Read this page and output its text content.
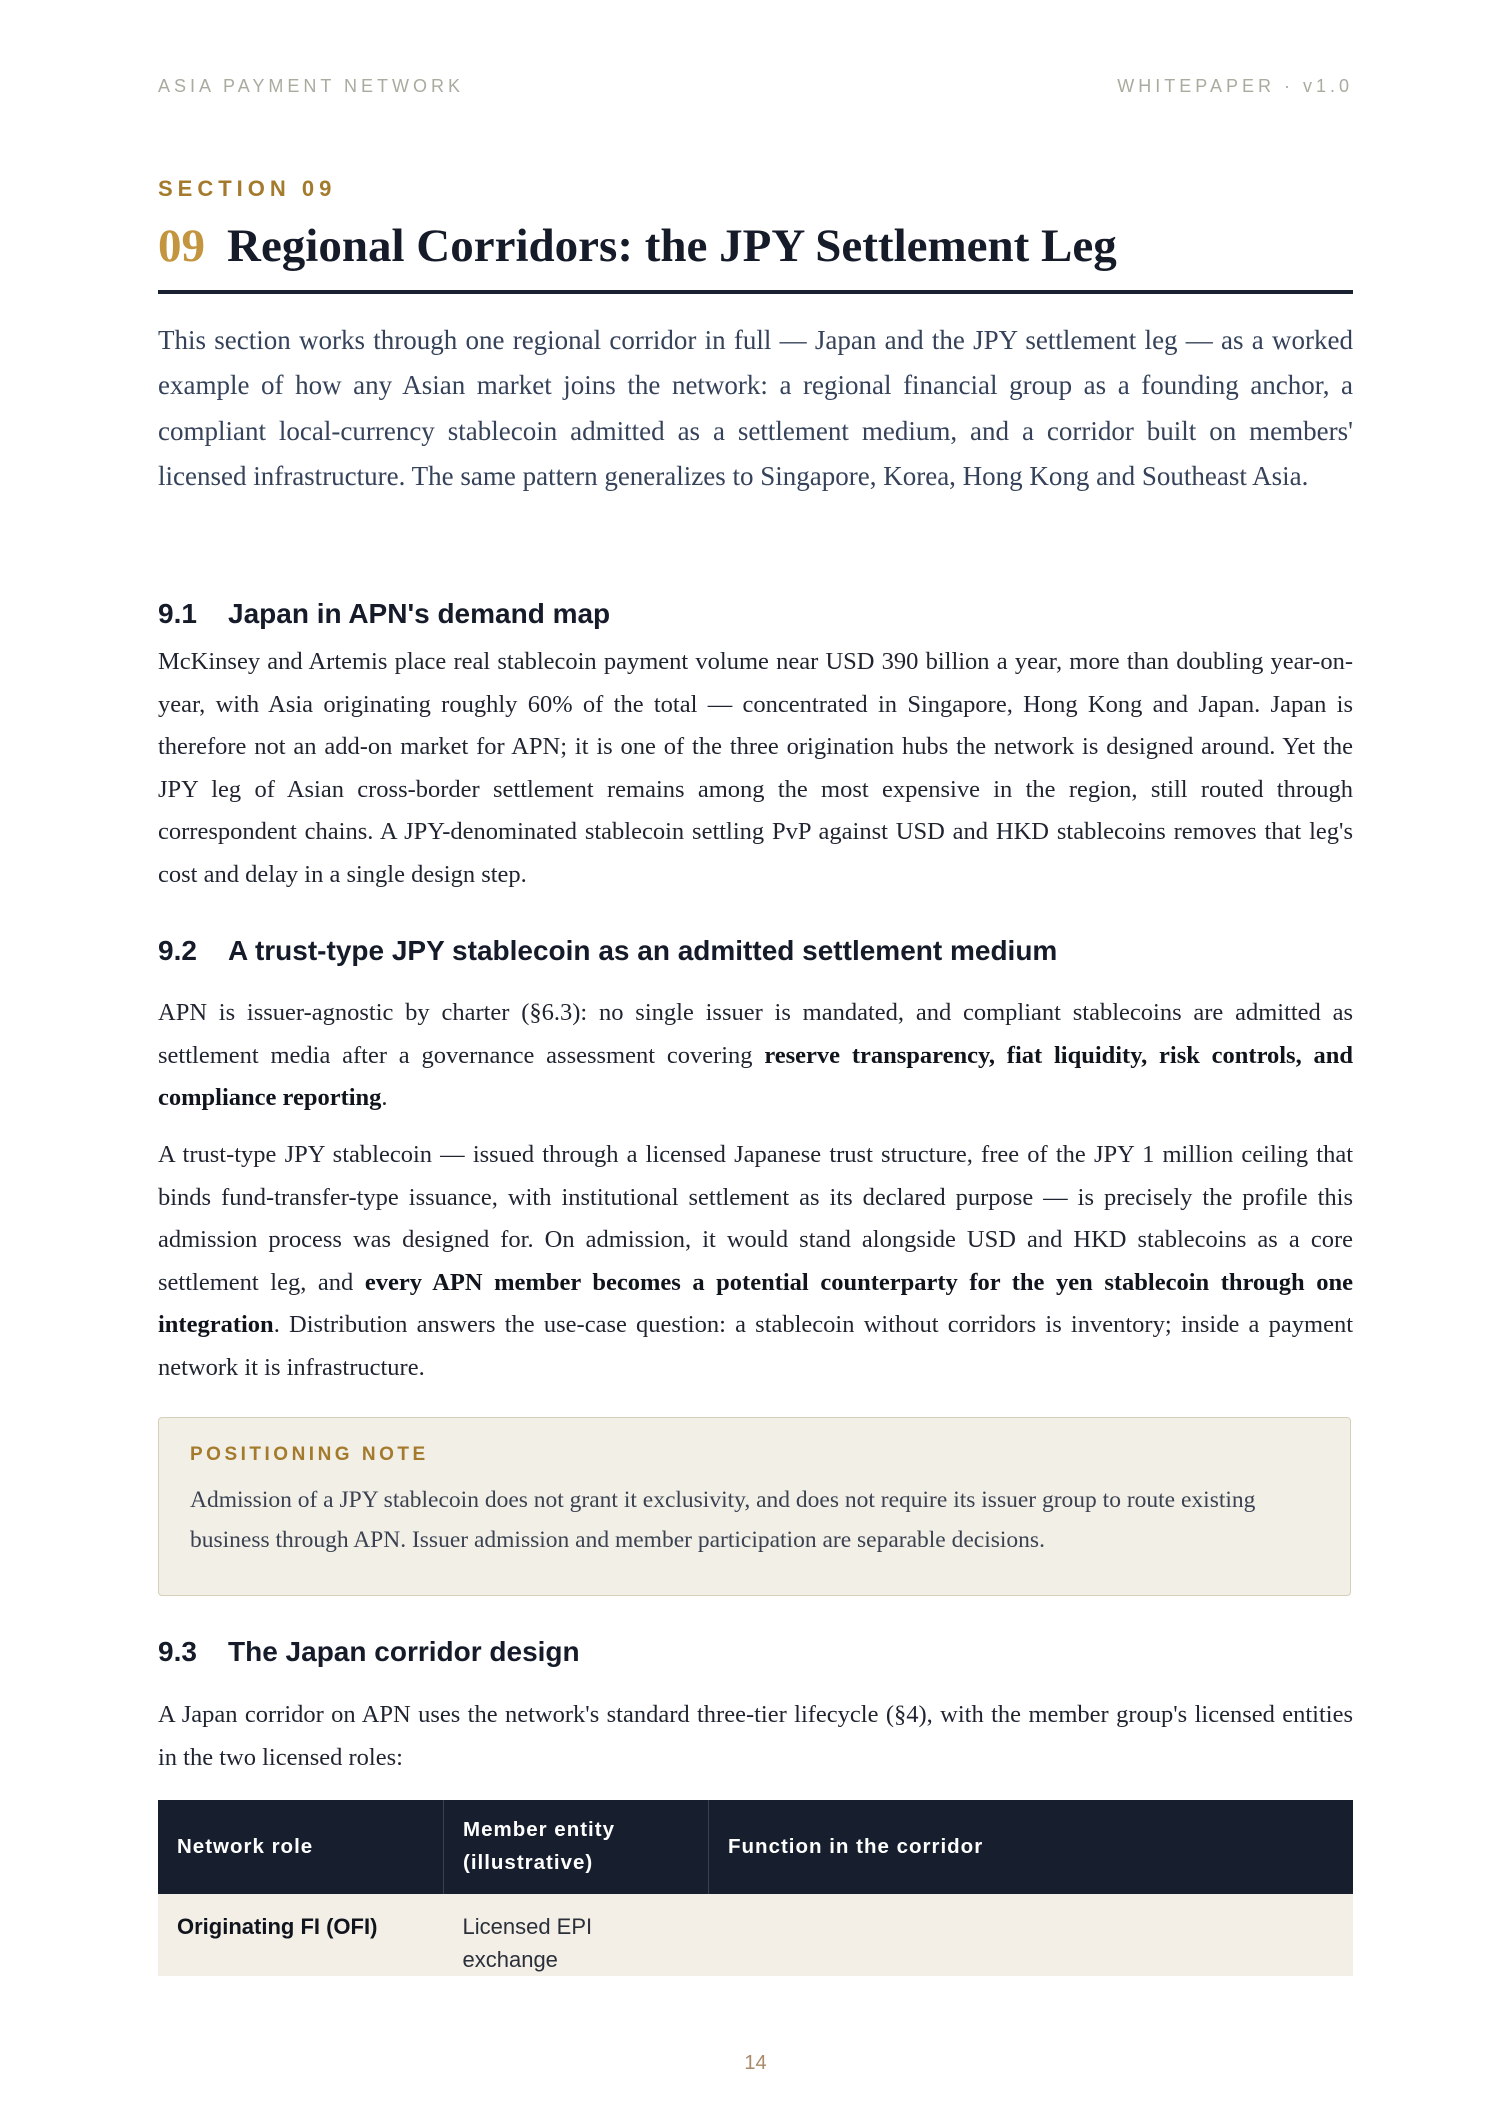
ASIA PAYMENT NETWORK	WHITEPAPER · v1.0
SECTION 09
09 Regional Corridors: the JPY Settlement Leg

This section works through one regional corridor in full — Japan and the JPY settlement leg — as a worked example of how any Asian market joins the network: a regional financial group as a founding anchor, a compliant local-currency stablecoin admitted as a settlement medium, and a corridor built on members' licensed infrastructure. The same pattern generalizes to Singapore, Korea, Hong Kong and Southeast Asia.

9.1 Japan in APN's demand map

McKinsey and Artemis place real stablecoin payment volume near USD 390 billion a year, more than doubling year-on-year, with Asia originating roughly 60% of the total — concentrated in Singapore, Hong Kong and Japan. Japan is therefore not an add-on market for APN; it is one of the three origination hubs the network is designed around. Yet the JPY leg of Asian cross-border settlement remains among the most expensive in the region, still routed through correspondent chains. A JPY-denominated stablecoin settling PvP against USD and HKD stablecoins removes that leg's cost and delay in a single design step.

9.2 A trust-type JPY stablecoin as an admitted settlement medium

APN is issuer-agnostic by charter (§6.3): no single issuer is mandated, and compliant stablecoins are admitted as settlement media after a governance assessment covering reserve transparency, fiat liquidity, risk controls, and compliance reporting.

A trust-type JPY stablecoin — issued through a licensed Japanese trust structure, free of the JPY 1 million ceiling that binds fund-transfer-type issuance, with institutional settlement as its declared purpose — is precisely the profile this admission process was designed for. On admission, it would stand alongside USD and HKD stablecoins as a core settlement leg, and every APN member becomes a potential counterparty for the yen stablecoin through one integration. Distribution answers the use-case question: a stablecoin without corridors is inventory; inside a payment network it is infrastructure.

POSITIONING NOTE
Admission of a JPY stablecoin does not grant it exclusivity, and does not require its issuer group to route existing business through APN. Issuer admission and member participation are separable decisions.
9.3 The Japan corridor design

A Japan corridor on APN uses the network's standard three-tier lifecycle (§4), with the member group's licensed entities in the two licensed roles:

Network role	Member entity (illustrative)	Function in the corridor
Originating FI (OFI)	Licensed EPI exchange	
14
